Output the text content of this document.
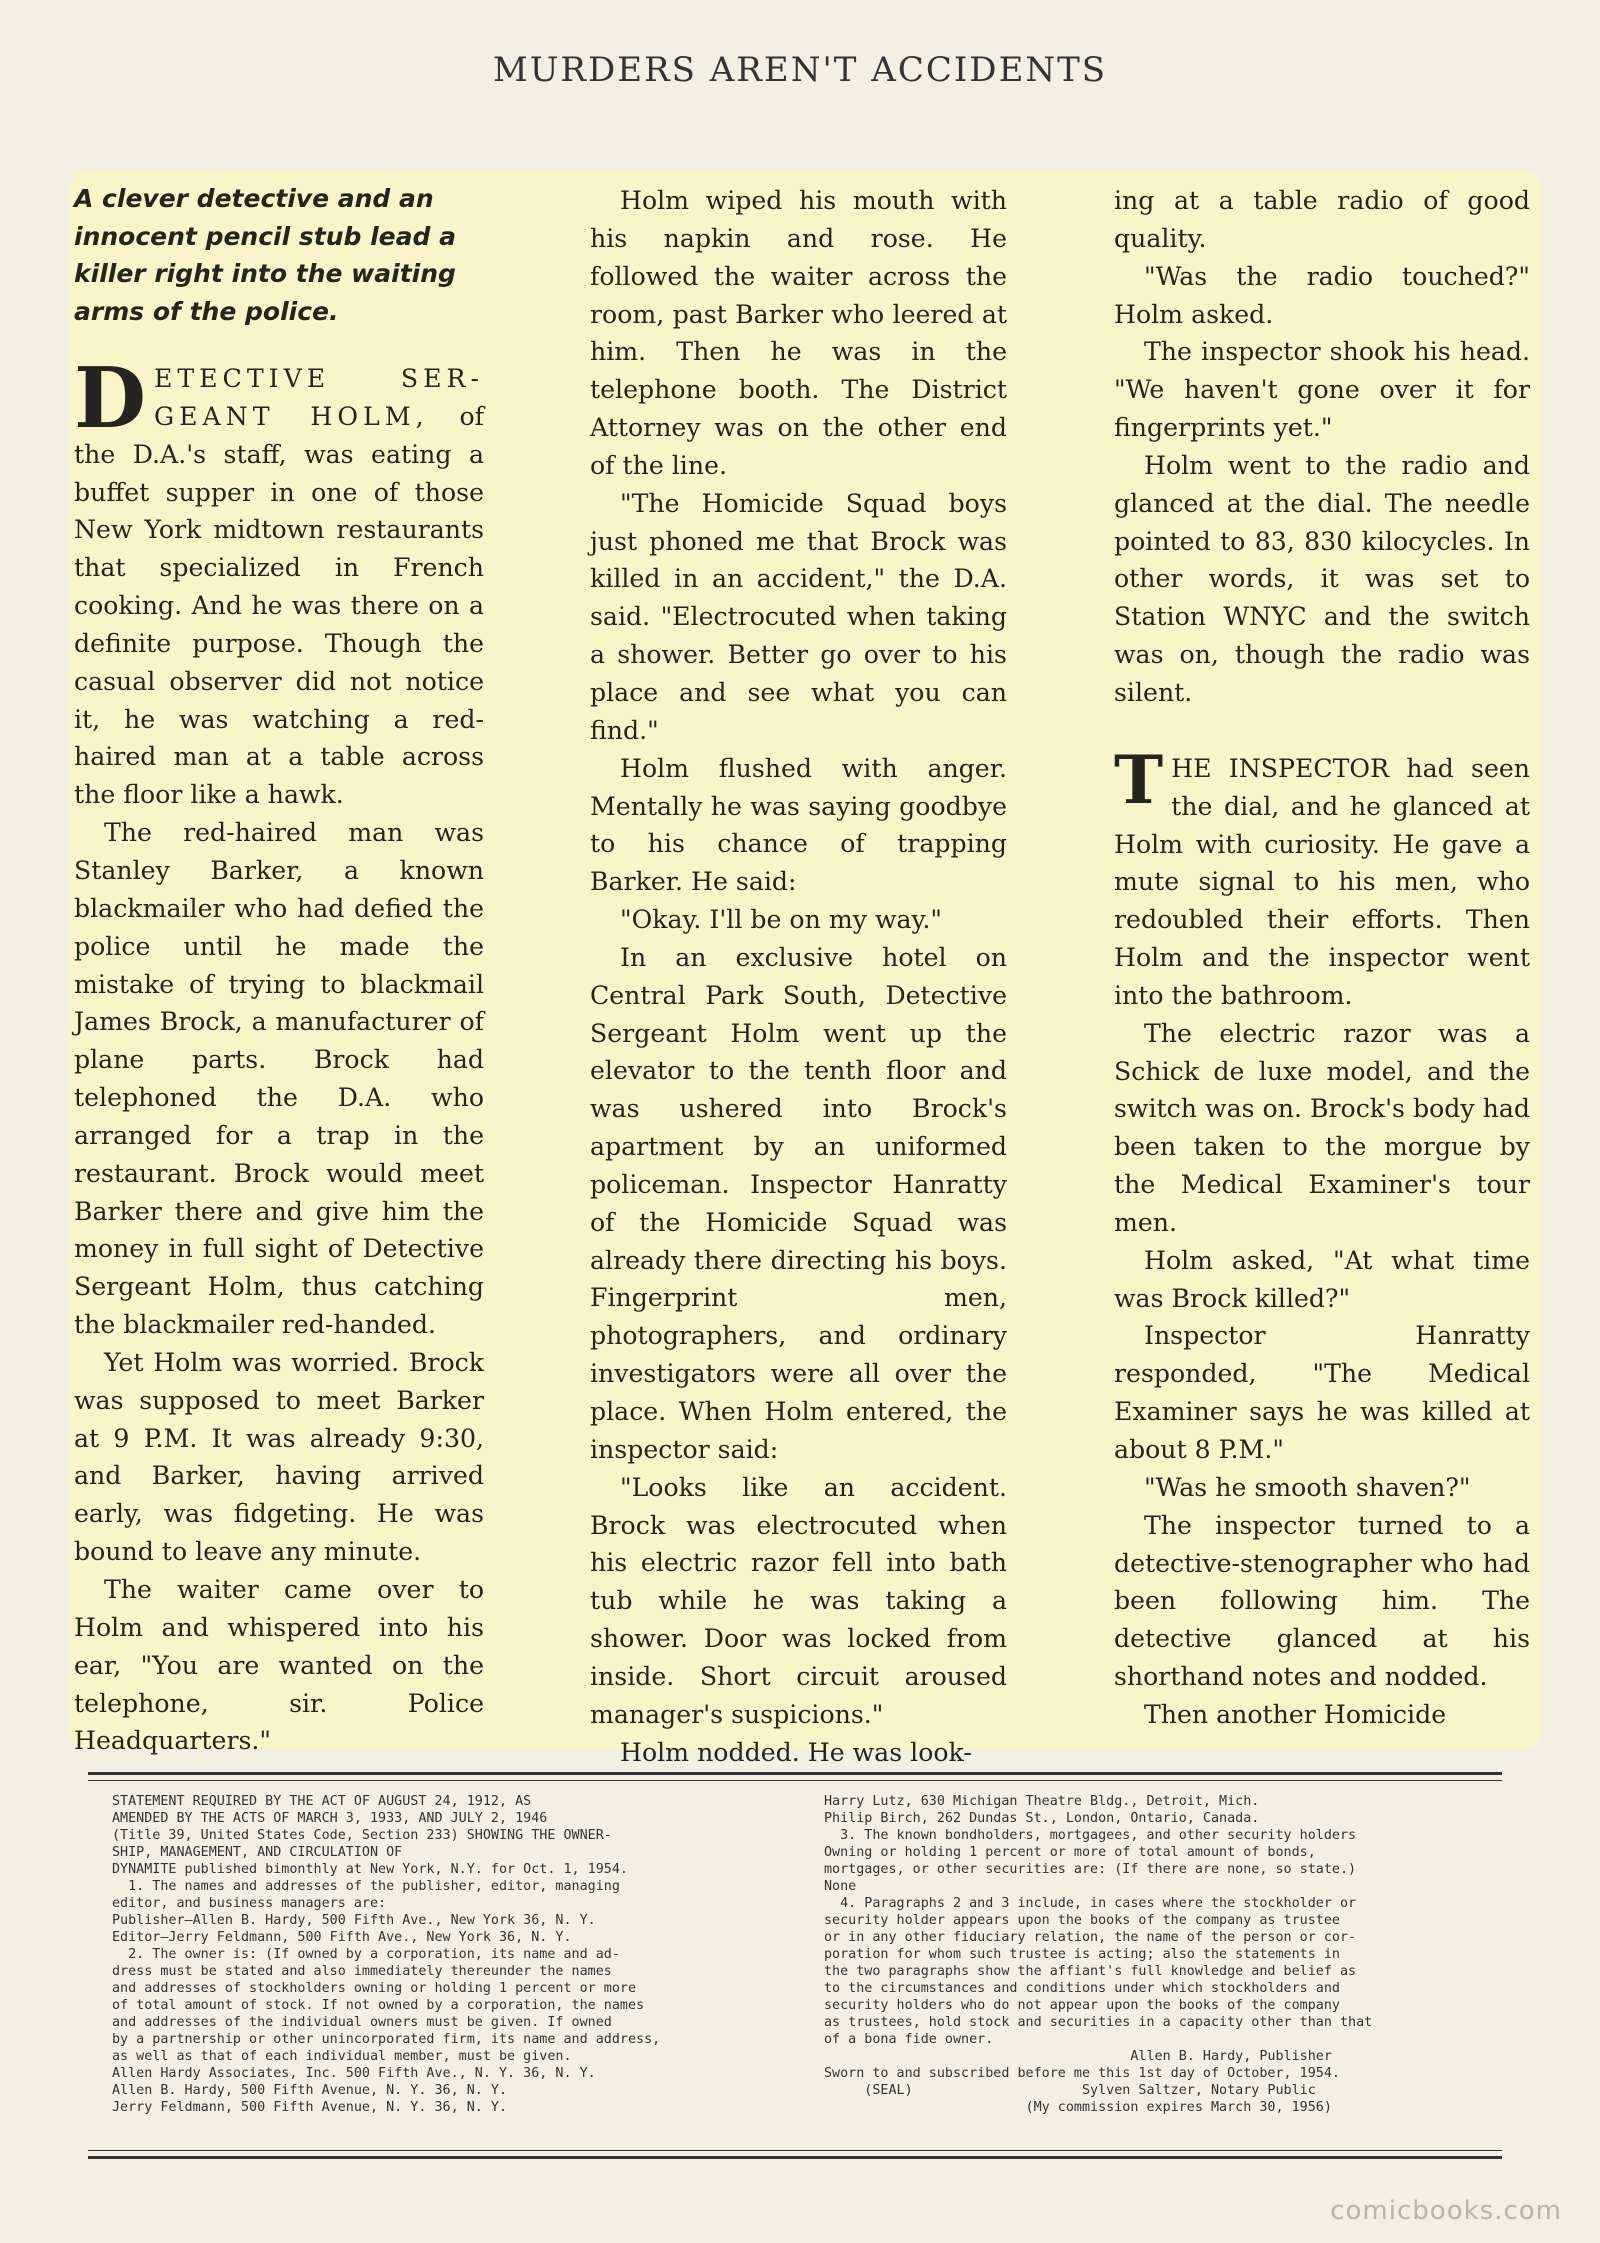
MURDERS AREN'T ACCIDENTS

A clever detective and an innocent pencil stub lead a killer right into the waiting arms of the police.

DETECTIVE SER- GEANT HOLM, of the D.A.'s staff, was eating a buffet supper in one of those New York midtown restaurants that specialized in French cooking. And he was there on a definite purpose. Though the casual observer did not notice it, he was watching a red-haired man at a table across the floor like a hawk.

The red-haired man was Stanley Barker, a known blackmailer who had defied the police until he made the mistake of trying to blackmail James Brock, a manufacturer of plane parts. Brock had telephoned the D.A. who arranged for a trap in the restaurant. Brock would meet Barker there and give him the money in full sight of Detective Sergeant Holm, thus catching the blackmailer red-handed.

Yet Holm was worried. Brock was supposed to meet Barker at 9 P.M. It was already 9:30, and Barker, having arrived early, was fidgeting. He was bound to leave any minute.

The waiter came over to Holm and whispered into his ear, "You are wanted on the telephone, sir. Police Headquarters."

Holm wiped his mouth with his napkin and rose. He followed the waiter across the room, past Barker who leered at him. Then he was in the telephone booth. The District Attorney was on the other end of the line.

"The Homicide Squad boys just phoned me that Brock was killed in an accident," the D.A. said. "Electrocuted when taking a shower. Better go over to his place and see what you can find."

Holm flushed with anger. Mentally he was saying goodbye to his chance of trapping Barker. He said:

"Okay. I'll be on my way."

In an exclusive hotel on Central Park South, Detective Sergeant Holm went up the elevator to the tenth floor and was ushered into Brock's apartment by an uniformed policeman. Inspector Hanratty of the Homicide Squad was already there directing his boys. Fingerprint men, photographers, and ordinary investigators were all over the place. When Holm entered, the inspector said:

"Looks like an accident. Brock was electrocuted when his electric razor fell into bath tub while he was taking a shower. Door was locked from inside. Short circuit aroused manager's suspicions."

Holm nodded. He was look-

ing at a table radio of good quality.

"Was the radio touched?" Holm asked.

The inspector shook his head. "We haven't gone over it for fingerprints yet."

Holm went to the radio and glanced at the dial. The needle pointed to 83, 830 kilocycles. In other words, it was set to Station WNYC and the switch was on, though the radio was silent.

THE INSPECTOR had seen the dial, and he glanced at Holm with curiosity. He gave a mute signal to his men, who redoubled their efforts. Then Holm and the inspector went into the bathroom.

The electric razor was a Schick de luxe model, and the switch was on. Brock's body had been taken to the morgue by the Medical Examiner's tour men.

Holm asked, "At what time was Brock killed?"

Inspector Hanratty responded, "The Medical Examiner says he was killed at about 8 P.M."

"Was he smooth shaven?"

The inspector turned to a detective-stenographer who had been following him. The detective glanced at his shorthand notes and nodded.

Then another Homicide

STATEMENT REQUIRED BY THE ACT OF AUGUST 24, 1912, AS
AMENDED BY THE ACTS OF MARCH 3, 1933, AND JULY 2, 1946
(Title 39, United States Code, Section 233) SHOWING THE OWNER-
SHIP, MANAGEMENT, AND CIRCULATION OF
DYNAMITE published bimonthly at New York, N.Y. for Oct. 1, 1954.
1. The names and addresses of the publisher, editor, managing
editor, and business managers are:
Publisher—Allen B. Hardy, 500 Fifth Ave., New York 36, N. Y.
Editor—Jerry Feldmann, 500 Fifth Ave., New York 36, N. Y.
2. The owner is: (If owned by a corporation, its name and ad-
dress must be stated and also immediately thereunder the names
and addresses of stockholders owning or holding 1 percent or more
of total amount of stock. If not owned by a corporation, the names
and addresses of the individual owners must be given. If owned
by a partnership or other unincorporated firm, its name and address,
as well as that of each individual member, must be given.
Allen Hardy Associates, Inc. 500 Fifth Ave., N. Y. 36, N. Y.
Allen B. Hardy, 500 Fifth Avenue, N. Y. 36, N. Y.
Jerry Feldmann, 500 Fifth Avenue, N. Y. 36, N. Y.
Harry Lutz, 630 Michigan Theatre Bldg., Detroit, Mich.
Philip Birch, 262 Dundas St., London, Ontario, Canada.
3. The known bondholders, mortgagees, and other security holders
Owning or holding 1 percent or more of total amount of bonds,
mortgages, or other securities are: (If there are none, so state.)
None
4. Paragraphs 2 and 3 include, in cases where the stockholder or
security holder appears upon the books of the company as trustee
or in any other fiduciary relation, the name of the person or cor-
poration for whom such trustee is acting; also the statements in
the two paragraphs show the affiant's full knowledge and belief as
to the circumstances and conditions under which stockholders and
security holders who do not appear upon the books of the company
as trustees, hold stock and securities in a capacity other than that
of a bona fide owner.
Allen B. Hardy, Publisher
Sworn to and subscribed before me this 1st day of October, 1954.
(SEAL)                     Sylven Saltzer, Notary Public
(My commission expires March 30, 1956)
comicbooks.com
